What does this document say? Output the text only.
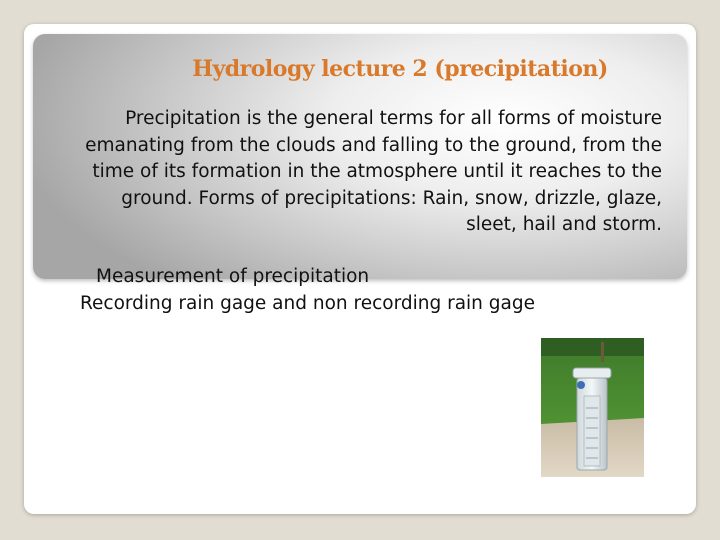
Hydrology lecture 2 (precipitation)
Precipitation is the general terms for all forms of moisture emanating from the clouds and falling to the ground, from the time of its formation in the atmosphere until it reaches to the ground. Forms of precipitations: Rain, snow, drizzle, glaze, sleet, hail and storm.
Measurement of precipitation
Recording rain gage and non recording rain gage
